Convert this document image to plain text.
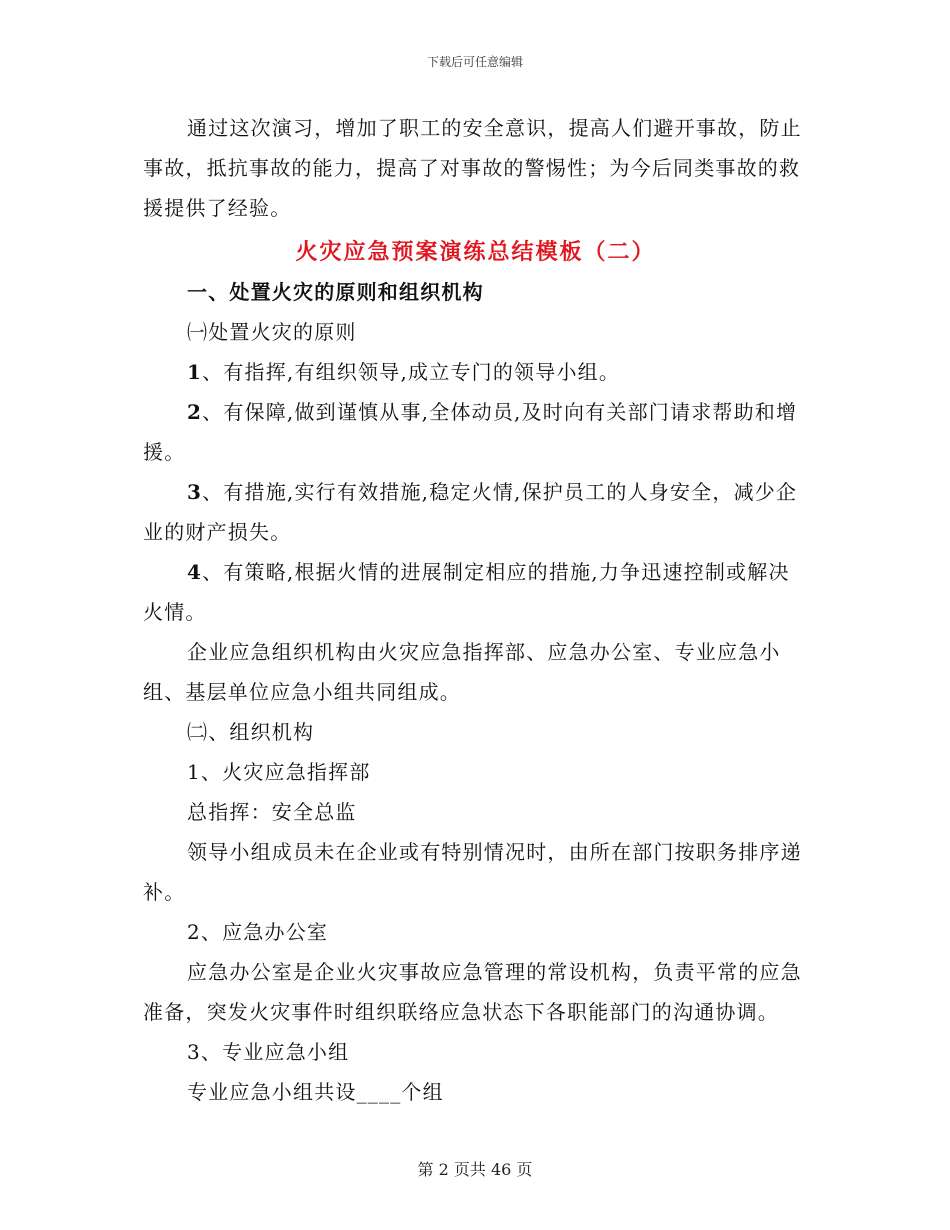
下载后可任意编辑

通过这次演习，增加了职工的安全意识，提高人们避开事故，防止事故，抵抗事故的能力，提高了对事故的警惕性；为今后同类事故的救援提供了经验。

火灾应急预案演练总结模板（二）

一、处置火灾的原则和组织机构

㈠处置火灾的原则

1、有指挥,有组织领导,成立专门的领导小组。

2、有保障,做到谨慎从事,全体动员,及时向有关部门请求帮助和增援。

3、有措施,实行有效措施,稳定火情,保护员工的人身安全，减少企业的财产损失。

4、有策略,根据火情的进展制定相应的措施,力争迅速控制或解决火情。

企业应急组织机构由火灾应急指挥部、应急办公室、专业应急小组、基层单位应急小组共同组成。

㈡、组织机构

1、火灾应急指挥部

总指挥：安全总监

领导小组成员未在企业或有特别情况时，由所在部门按职务排序递补。

2、应急办公室

应急办公室是企业火灾事故应急管理的常设机构，负责平常的应急准备，突发火灾事件时组织联络应急状态下各职能部门的沟通协调。

3、专业应急小组

专业应急小组共设____个组

第 2 页共 46 页
